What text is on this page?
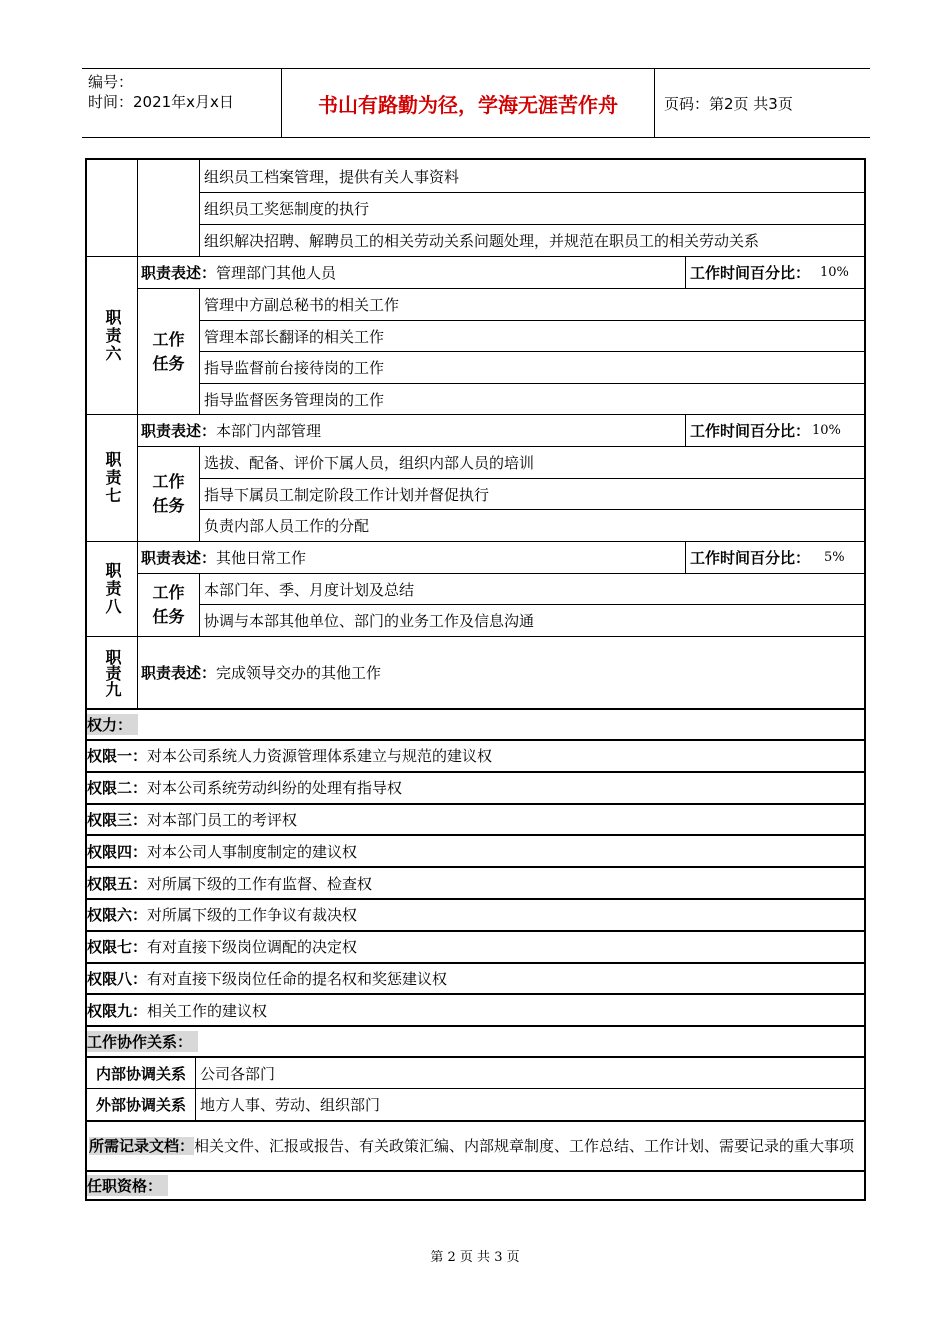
编号：
时间：2021年x月x日	书山有路勤为径，学海无涯苦作舟	页码：第2页 共3页
组织员工档案管理，提供有关人事资料
组织员工奖惩制度的执行
组织解决招聘、解聘员工的相关劳动关系问题处理，并规范在职员工的相关劳动关系
职责六
职责表述： 管理部门其他人员	工作时间百分比： 10%
工作任务
管理中方副总秘书的相关工作
管理本部长翻译的相关工作
指导监督前台接待岗的工作
指导监督医务管理岗的工作
职责七
职责表述： 本部门内部管理	工作时间百分比： 10%
工作任务
选拔、配备、评价下属人员，组织内部人员的培训
指导下属员工制定阶段工作计划并督促执行
负责内部人员工作的分配
职责八
职责表述： 其他日常工作	工作时间百分比： 5%
工作任务
本部门年、季、月度计划及总结
协调与本部其他单位、部门的业务工作及信息沟通
职责九 职责表述： 完成领导交办的其他工作
权力：
权限一： 对本公司系统人力资源管理体系建立与规范的建议权
权限二： 对本公司系统劳动纠纷的处理有指导权
权限三： 对本部门员工的考评权
权限四： 对本公司人事制度制定的建议权
权限五： 对所属下级的工作有监督、检查权
权限六： 对所属下级的工作争议有裁决权
权限七： 有对直接下级岗位调配的决定权
权限八： 有对直接下级岗位任命的提名权和奖惩建议权
权限九： 相关工作的建议权
工作协作关系：
内部协调关系 公司各部门
外部协调关系 地方人事、劳动、组织部门
所需记录文档：相关文件、汇报或报告、有关政策汇编、内部规章制度、工作总结、工作计划、需要记录的重大事项
任职资格：
第 2 页 共 3 页
